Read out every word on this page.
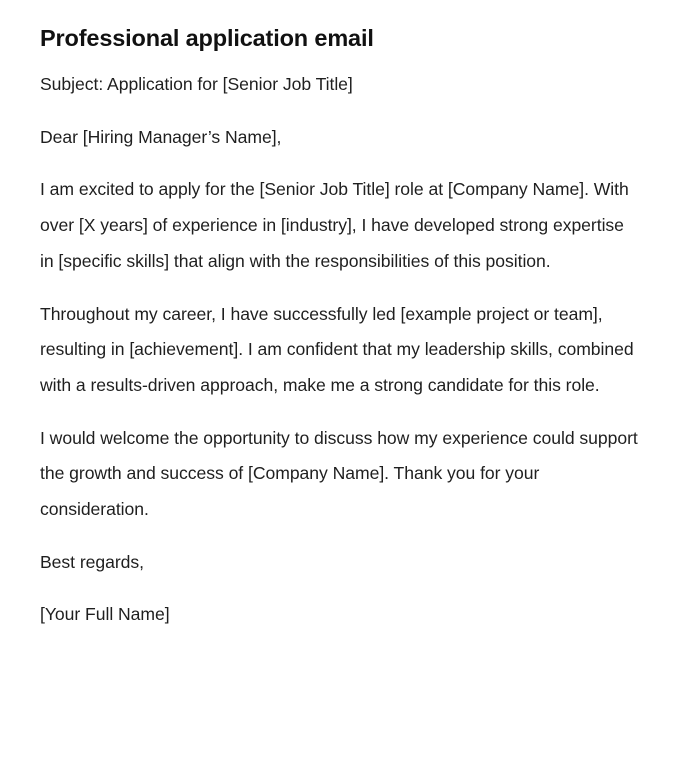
Professional application email

Subject: Application for [Senior Job Title]

Dear [Hiring Manager’s Name],

I am excited to apply for the [Senior Job Title] role at [Company Name]. With over [X years] of experience in [industry], I have developed strong expertise in [specific skills] that align with the responsibilities of this position.

Throughout my career, I have successfully led [example project or team], resulting in [achievement]. I am confident that my leadership skills, combined with a results-driven approach, make me a strong candidate for this role.

I would welcome the opportunity to discuss how my experience could support the growth and success of [Company Name]. Thank you for your consideration.

Best regards,

[Your Full Name]
